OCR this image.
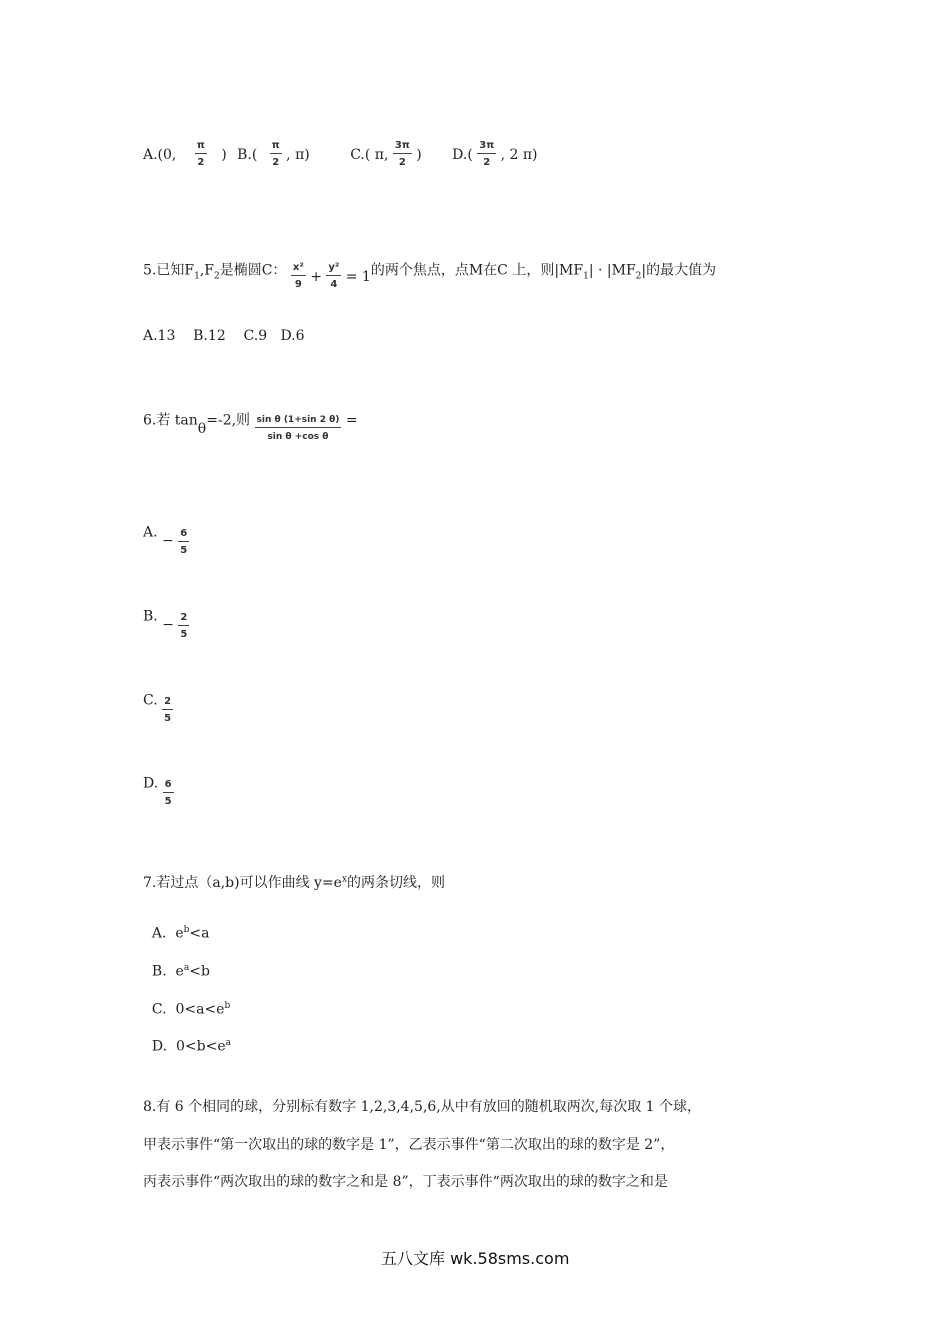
A.(0, $\frac{\pi}{2}$ ) $B.( \frac{\pi}{2}$ , π)	C.( π, $\frac{3\pi}{2}$ ) $D.( \frac{3\pi}{2}$ , 2 π)
5.已知$F_1,F_2$是椭圆C： $\frac{\text{x²}}{9} + \frac{\text{y²}}{4} = 1$的两个焦点，点M在C 上，则$|MF_1| \cdot |MF_2|$的最大值为
A.13    B.12    C.9   D.6
6.若 tanθ=-2,则 $\frac{\text{sin θ (1+sin 2 θ)}}{\text{sin θ +cos θ}}$ =
A. − $\frac{6}{5}$
B. − $\frac{2}{5}$
C. $\frac{2}{5}$
D. $\frac{6}{5}$
7.若过点（a,b)可以作曲线 $y=e^x$的两条切线，则

A.  $e^b<a$

B.  $e^a<b$

C.  $0<a<e^b$

D.  $0<b<e^a$

8.有 6 个相同的球，分别标有数字 1,2,3,4,5,6,从中有放回的随机取两次,每次取 1 个球，
甲表示事件“第一次取出的球的数字是 1”，乙表示事件“第二次取出的球的数字是 2”，
丙表示事件“两次取出的球的数字之和是 8”，丁表示事件“两次取出的球的数字之和是
五八文库 wk.58sms.com
